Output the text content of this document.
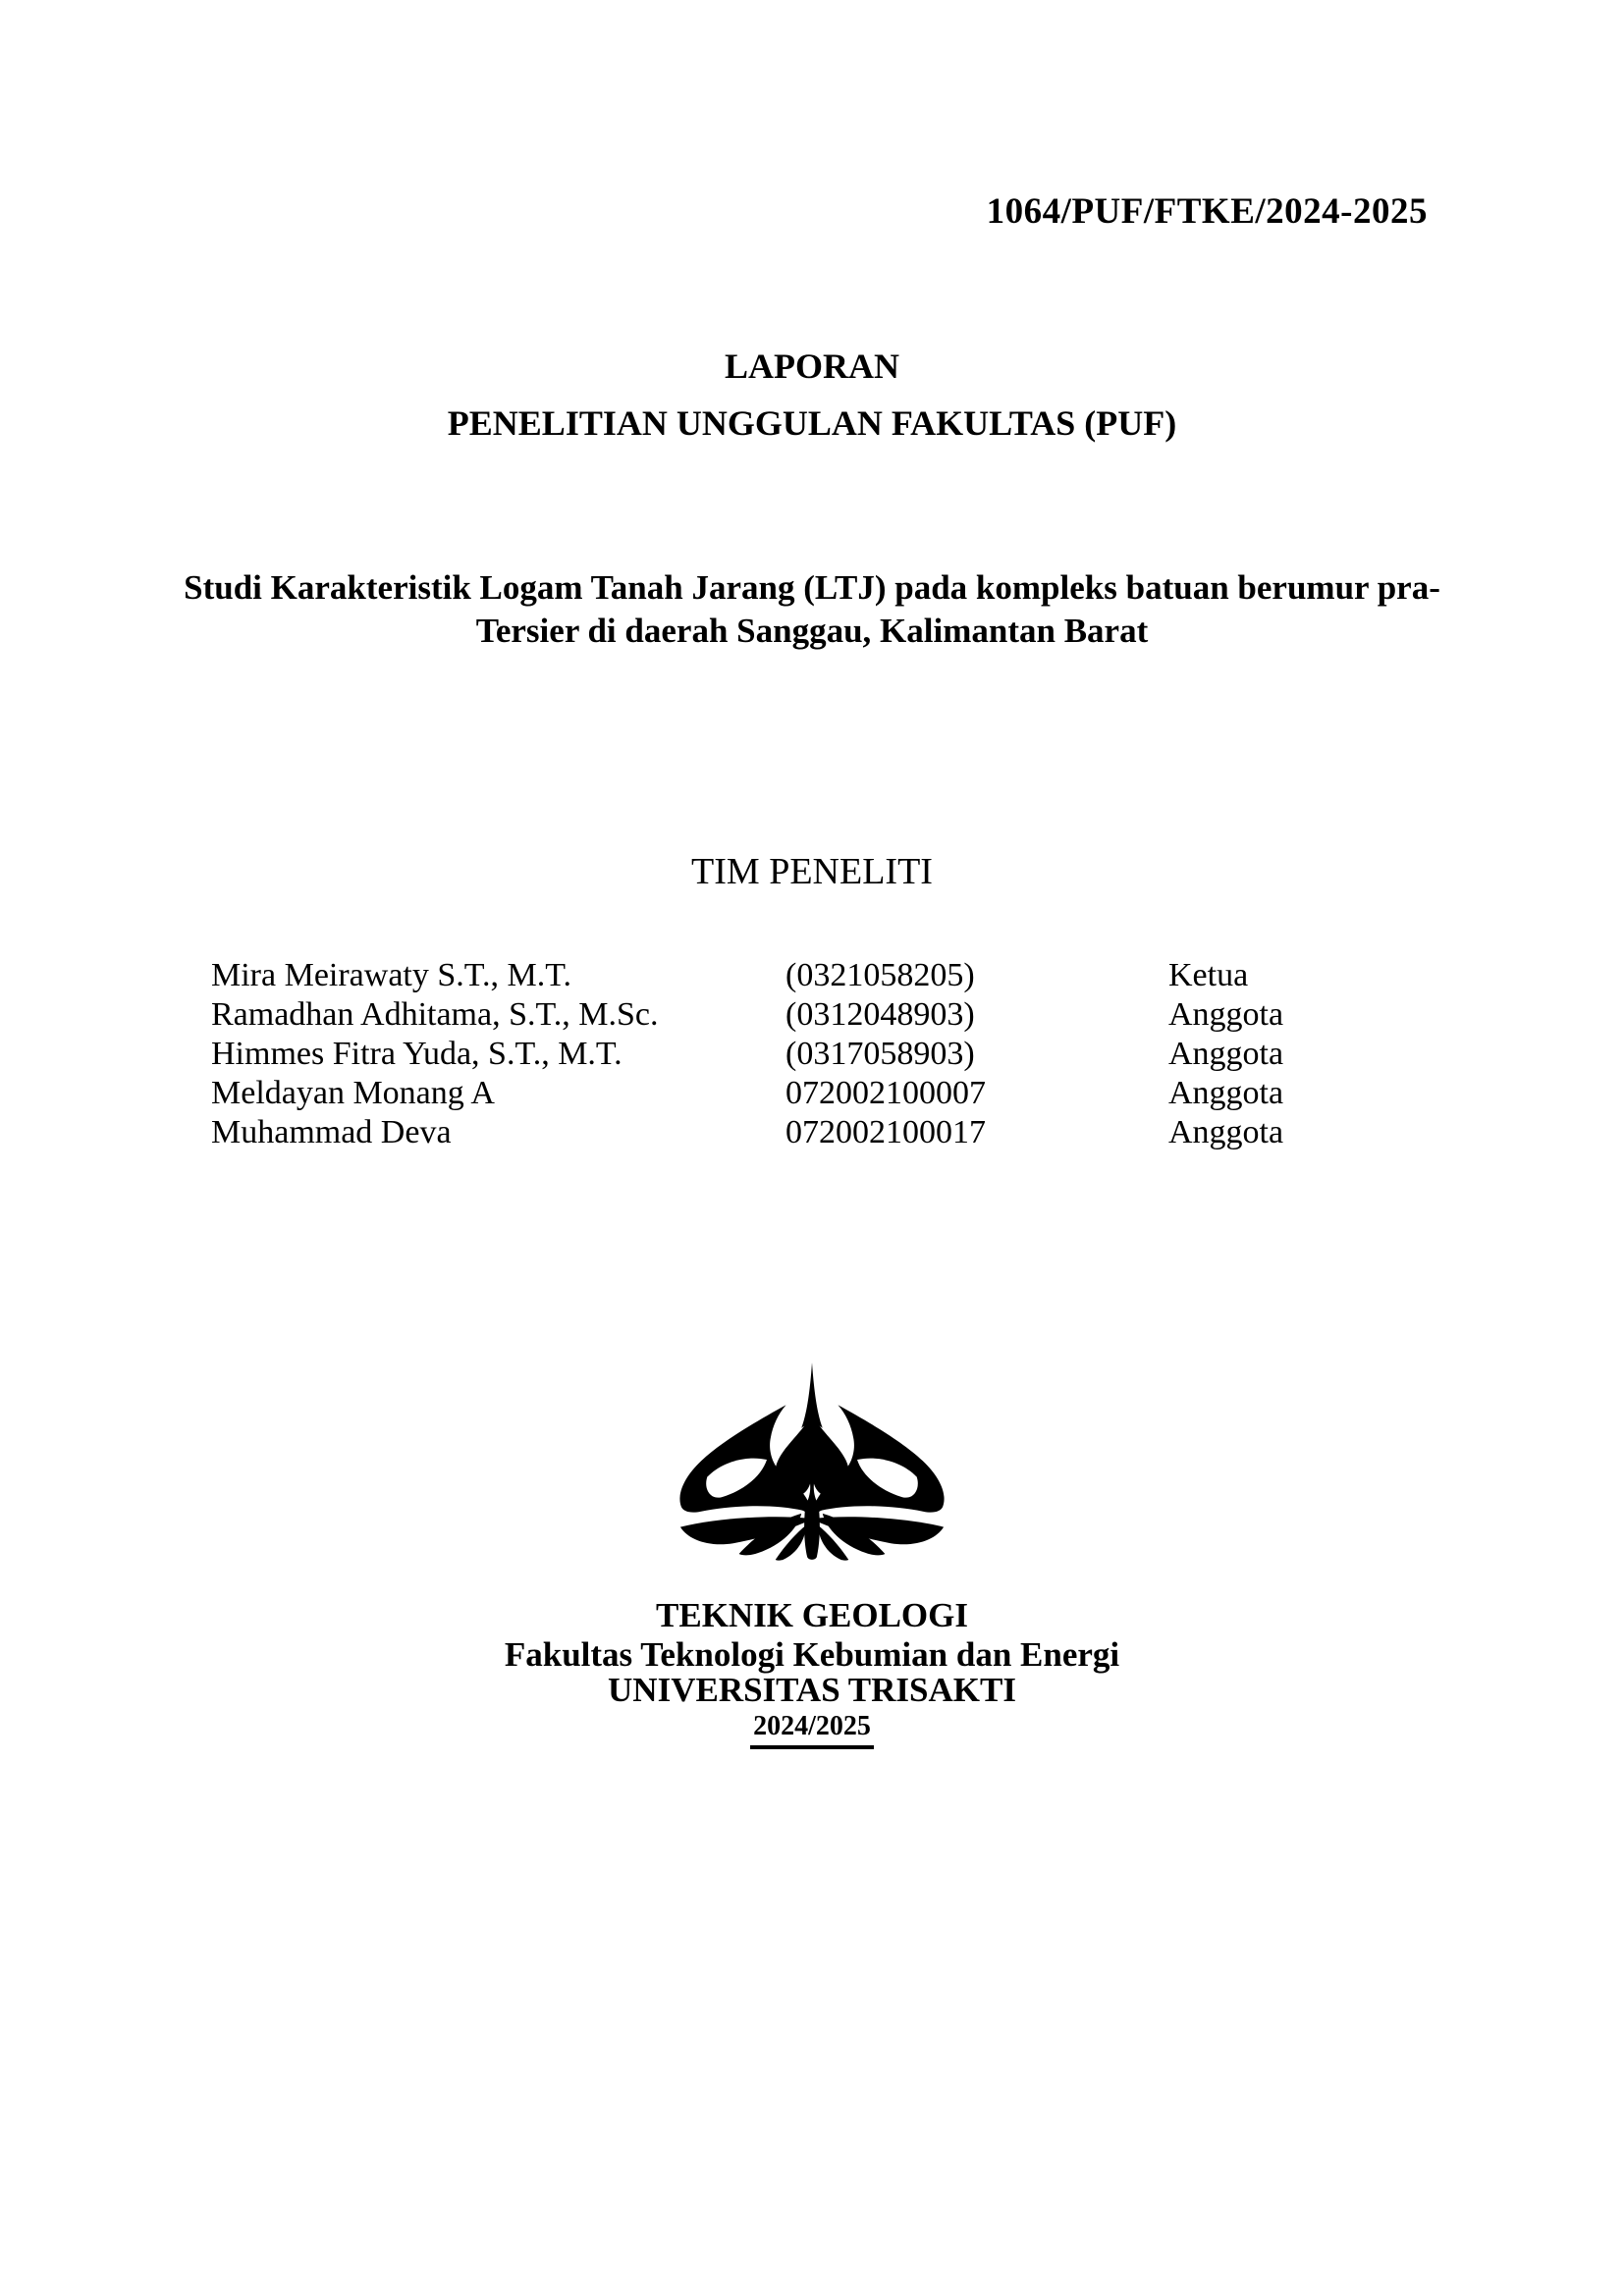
1064/PUF/FTKE/2024-2025
LAPORAN
PENELITIAN UNGGULAN FAKULTAS (PUF)
Studi Karakteristik Logam Tanah Jarang (LTJ) pada kompleks batuan berumur pra-
Tersier di daerah Sanggau, Kalimantan Barat
TIM PENELITI
Mira Meirawaty S.T., M.T.	(0321058205)	Ketua
Ramadhan Adhitama, S.T., M.Sc.	(0312048903)	Anggota
Himmes Fitra Yuda, S.T., M.T.	(0317058903)	Anggota
Meldayan Monang A	072002100007	Anggota
Muhammad Deva	072002100017	Anggota
TEKNIK GEOLOGI
Fakultas Teknologi Kebumian dan Energi
UNIVERSITAS TRISAKTI
2024/2025
